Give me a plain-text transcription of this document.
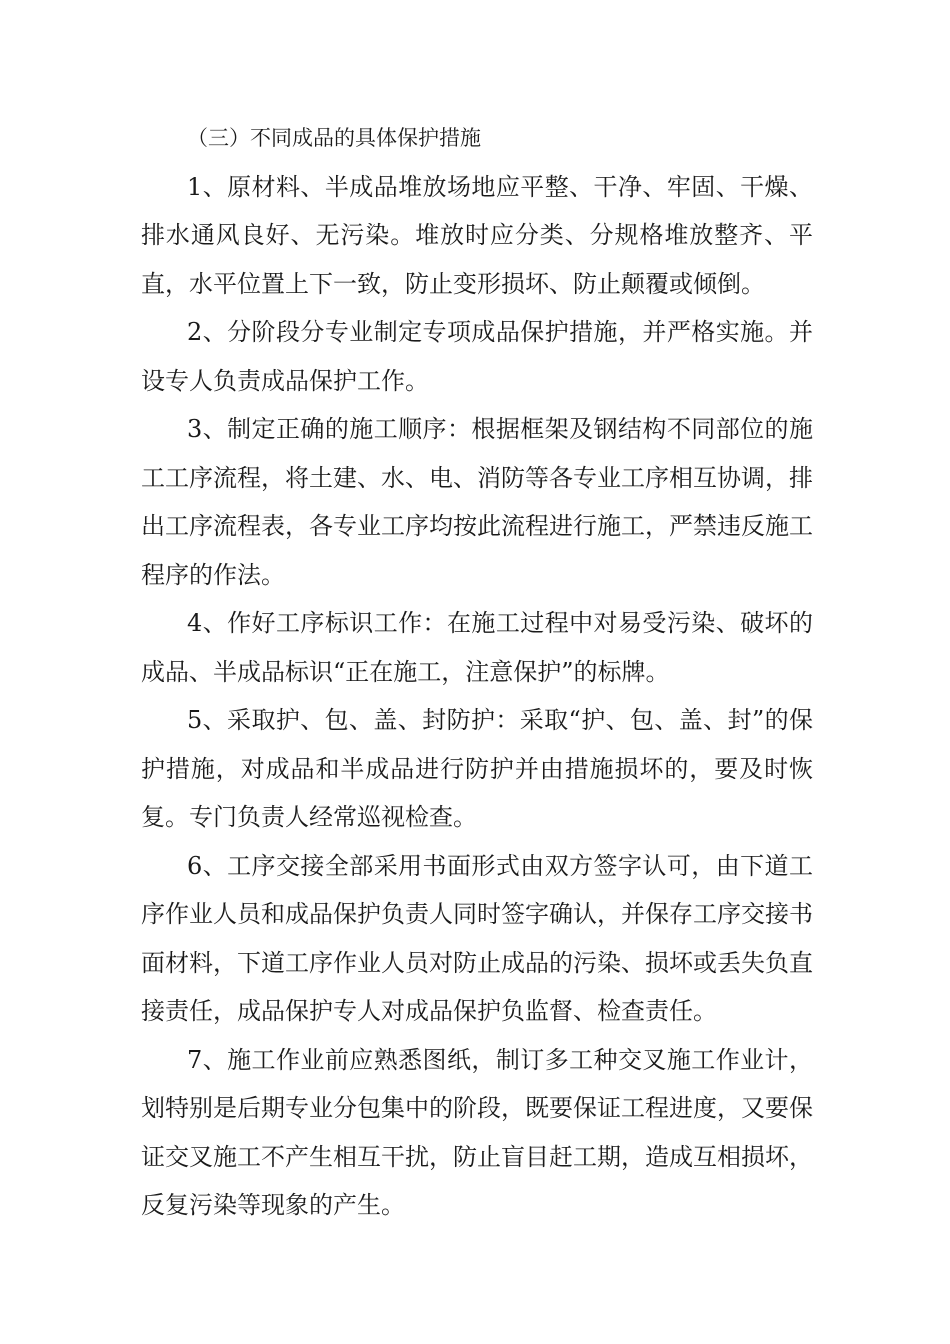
（三）不同成品的具体保护措施

1、原材料、半成品堆放场地应平整、干净、牢固、干燥、排水通风良好、无污染。堆放时应分类、分规格堆放整齐、平直，水平位置上下一致，防止变形损坏、防止颠覆或倾倒。

2、分阶段分专业制定专项成品保护措施，并严格实施。并设专人负责成品保护工作。

3、制定正确的施工顺序：根据框架及钢结构不同部位的施工工序流程，将土建、水、电、消防等各专业工序相互协调，排出工序流程表，各专业工序均按此流程进行施工，严禁违反施工程序的作法。

4、作好工序标识工作：在施工过程中对易受污染、破坏的成品、半成品标识“正在施工，注意保护”的标牌。

5、采取护、包、盖、封防护：采取“护、包、盖、封”的保护措施，对成品和半成品进行防护并由措施损坏的，要及时恢复。专门负责人经常巡视检查。

6、工序交接全部采用书面形式由双方签字认可，由下道工序作业人员和成品保护负责人同时签字确认，并保存工序交接书面材料，下道工序作业人员对防止成品的污染、损坏或丢失负直接责任，成品保护专人对成品保护负监督、检查责任。

7、施工作业前应熟悉图纸，制订多工种交叉施工作业计，划特别是后期专业分包集中的阶段，既要保证工程进度，又要保证交叉施工不产生相互干扰，防止盲目赶工期，造成互相损坏，反复污染等现象的产生。
